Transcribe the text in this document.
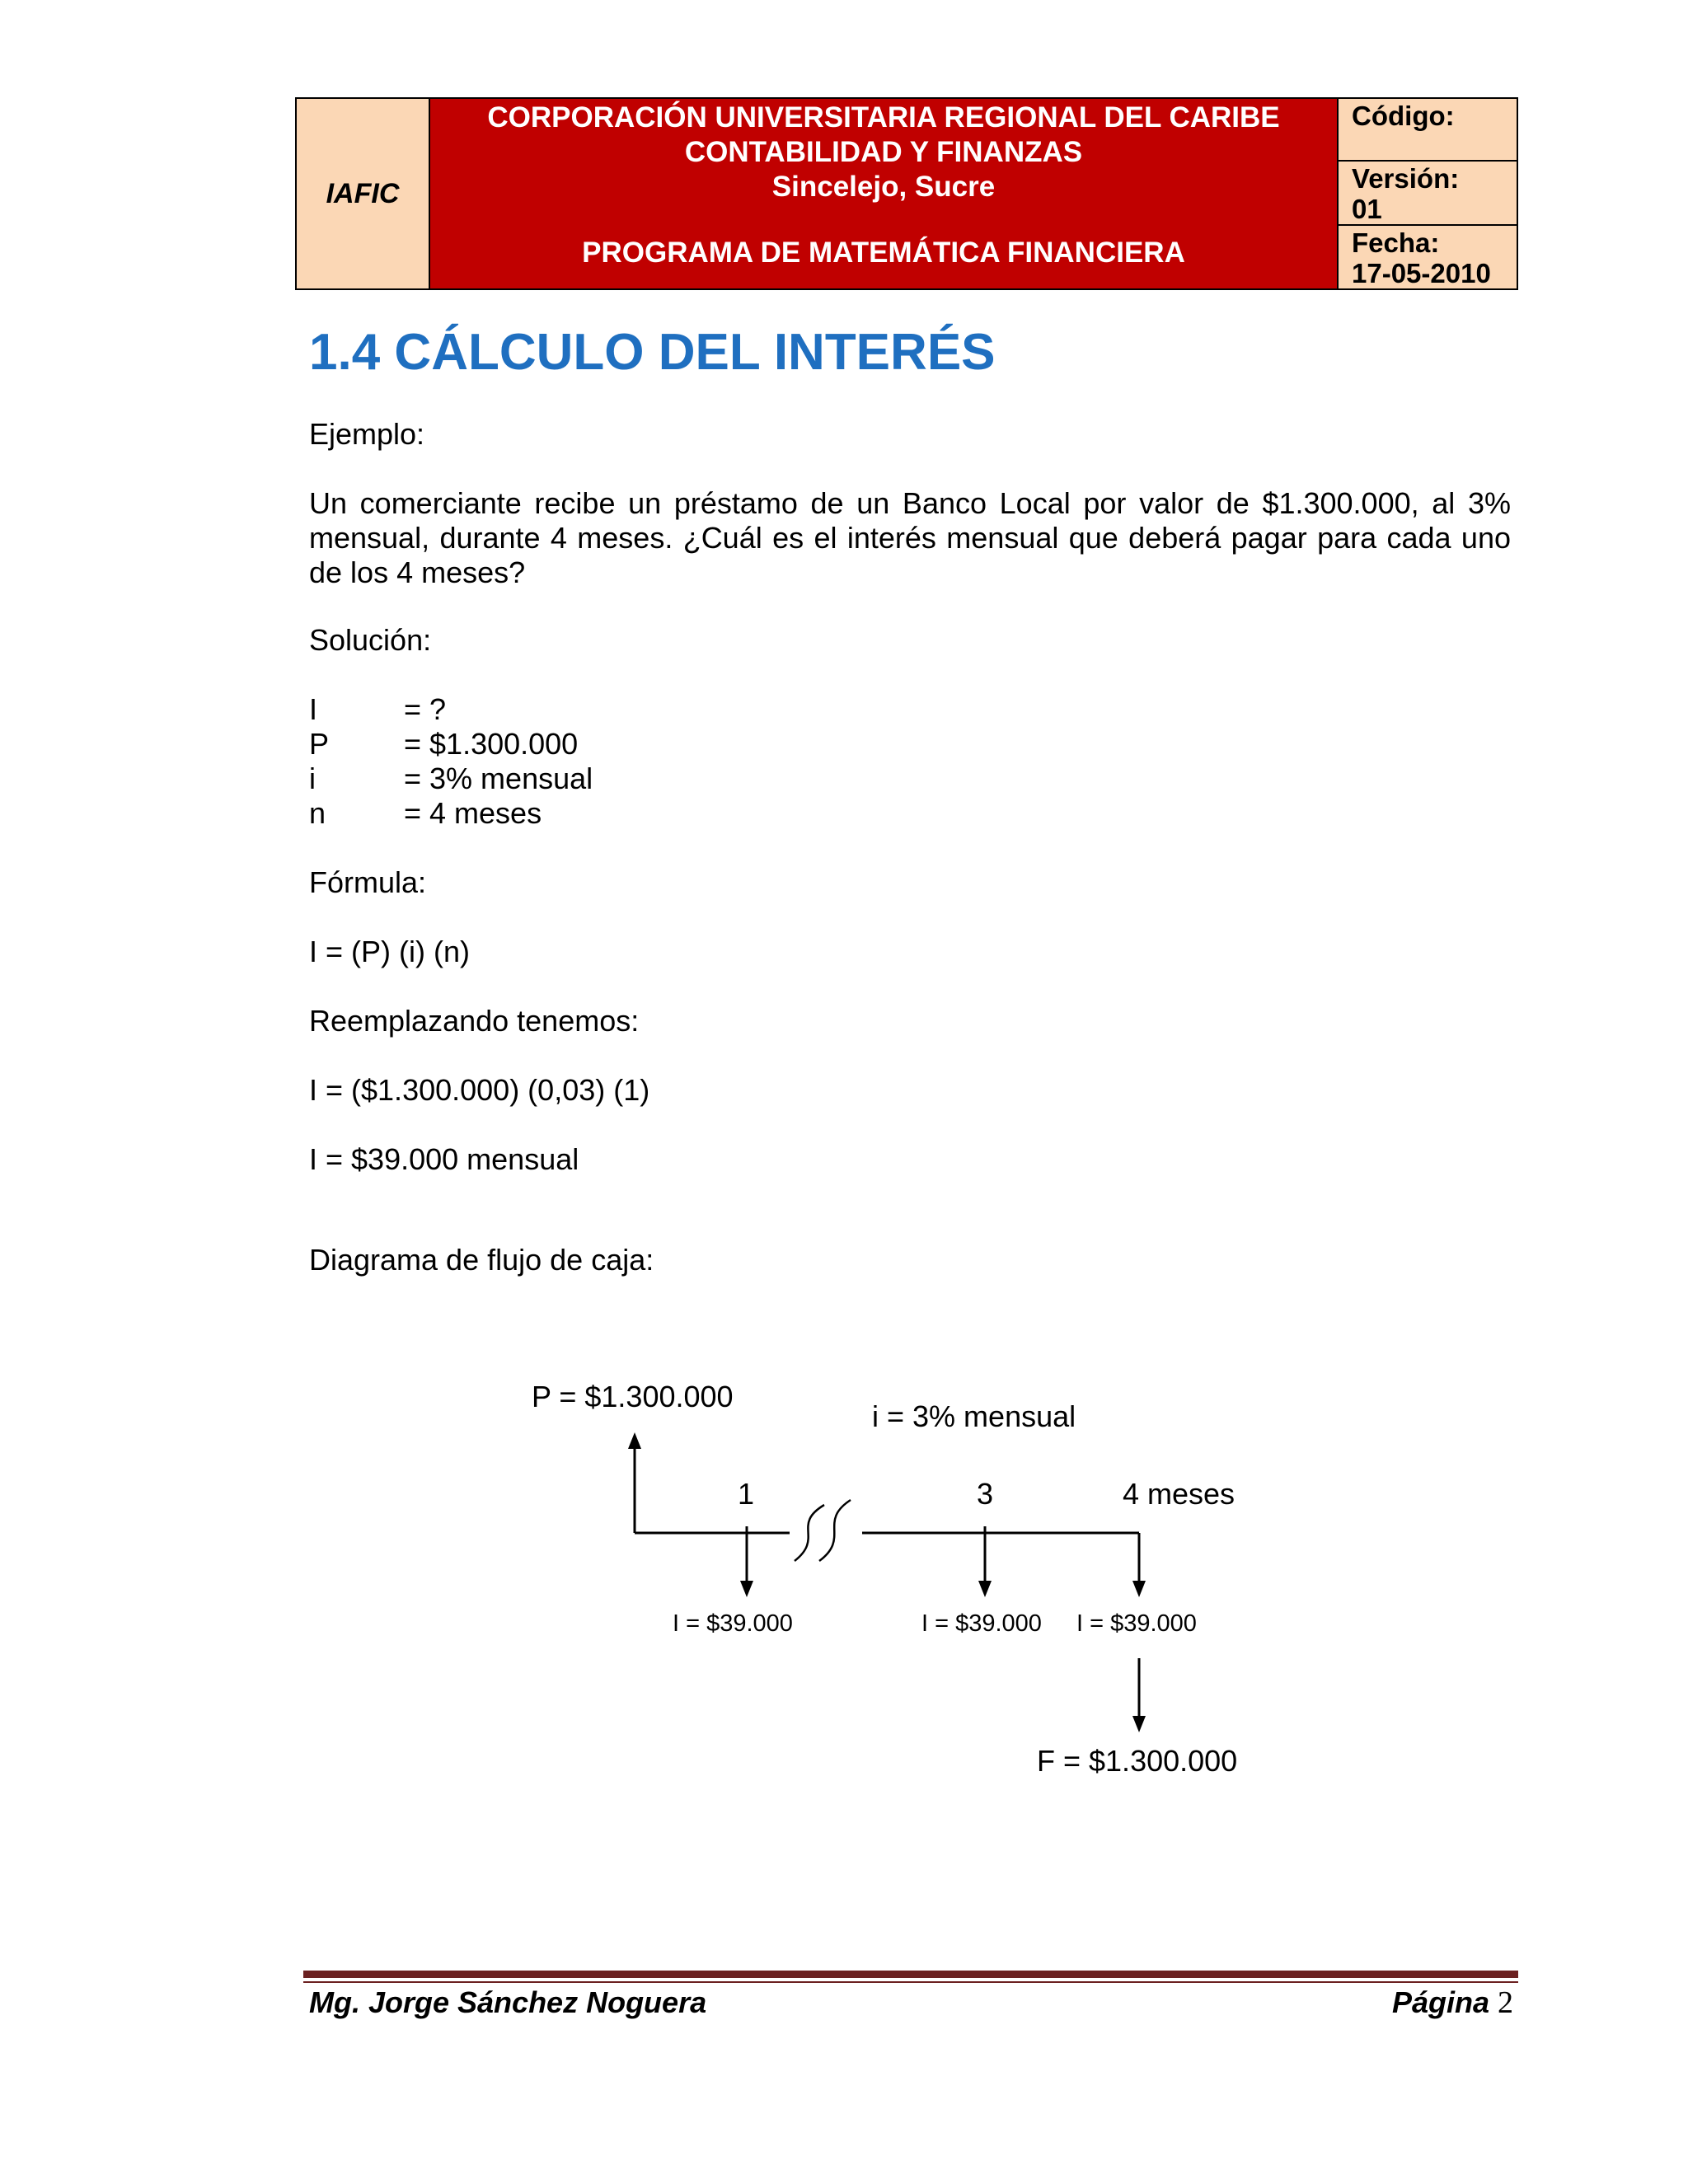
IAFIC
CORPORACIÓN UNIVERSITARIA REGIONAL DEL CARIBE
CONTABILIDAD Y FINANZAS
Sincelejo, Sucre
PROGRAMA DE MATEMÁTICA FINANCIERA
Código:
Versión:
01
Fecha:
17-05-2010
1.4 CÁLCULO DEL INTERÉS

Ejemplo:

Un comerciante recibe un préstamo de un Banco Local por valor de $1.300.000, al 3% mensual, durante 4 meses. ¿Cuál es el interés mensual que deberá pagar para cada uno de los 4 meses?

Solución:

I	= ?
P	= $1.300.000
i	= 3% mensual
n	= 4 meses

Fórmula:

I = (P) (i) (n)

Reemplazando tenemos:

I = ($1.300.000) (0,03) (1)

I = $39.000 mensual

Diagrama de flujo de caja:

P = $1.300.000
i = 3% mensual
1	3	4 meses
I = $39.000	I = $39.000 I = $39.000
F = $1.300.000
Mg. Jorge Sánchez Noguera	Página 2
